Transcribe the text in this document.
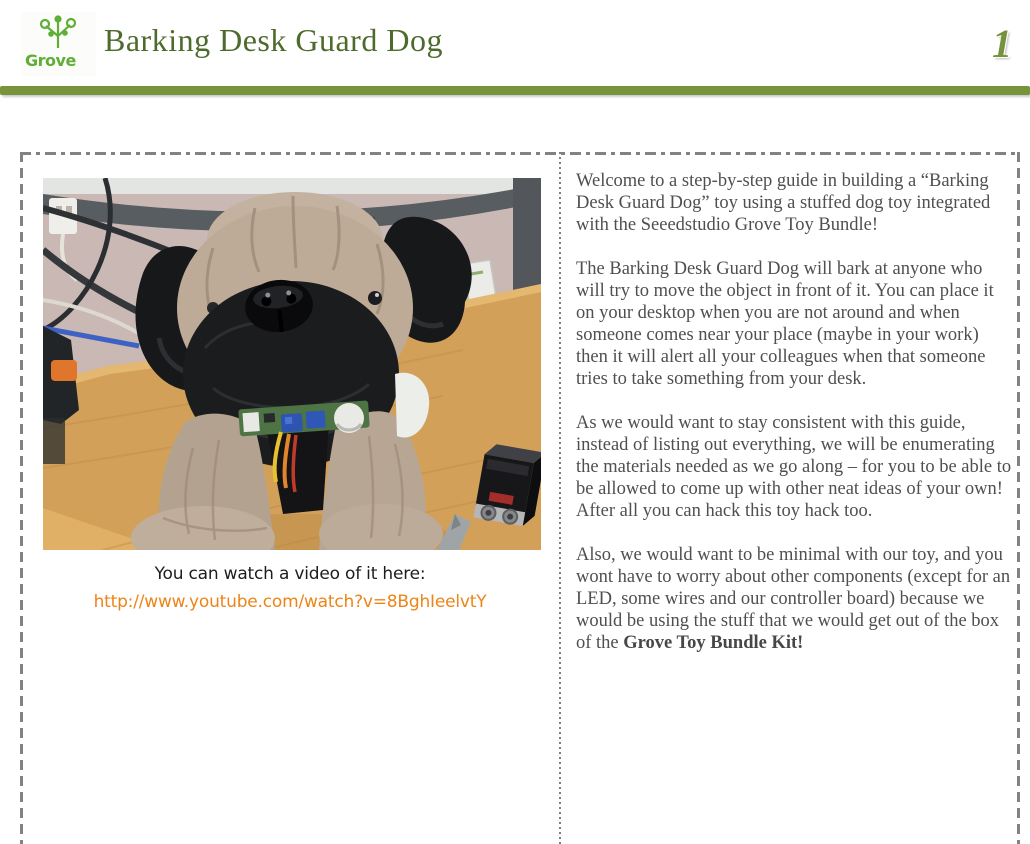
Grove
Barking Desk Guard Dog	1
You can watch a video of it here:
http://www.youtube.com/watch?v=8BghIeelvtY

Welcome to a step-by-step guide in building a “Barking Desk Guard Dog” toy using a stuffed dog toy integrated with the Seeedstudio Grove Toy Bundle!

The Barking Desk Guard Dog will bark at anyone who will try to move the object in front of it. You can place it on your desktop when you are not around and when someone comes near your place (maybe in your work) then it will alert all your colleagues when that someone tries to take something from your desk.

As we would want to stay consistent with this guide, instead of listing out everything, we will be enumerating the materials needed as we go along – for you to be able to be allowed to come up with other neat ideas of your own! After all you can hack this toy hack too.

Also, we would want to be minimal with our toy, and you wont have to worry about other components (except for an LED, some wires and our controller board) because we would be using the stuff that we would get out of the box of the Grove Toy Bundle Kit!
